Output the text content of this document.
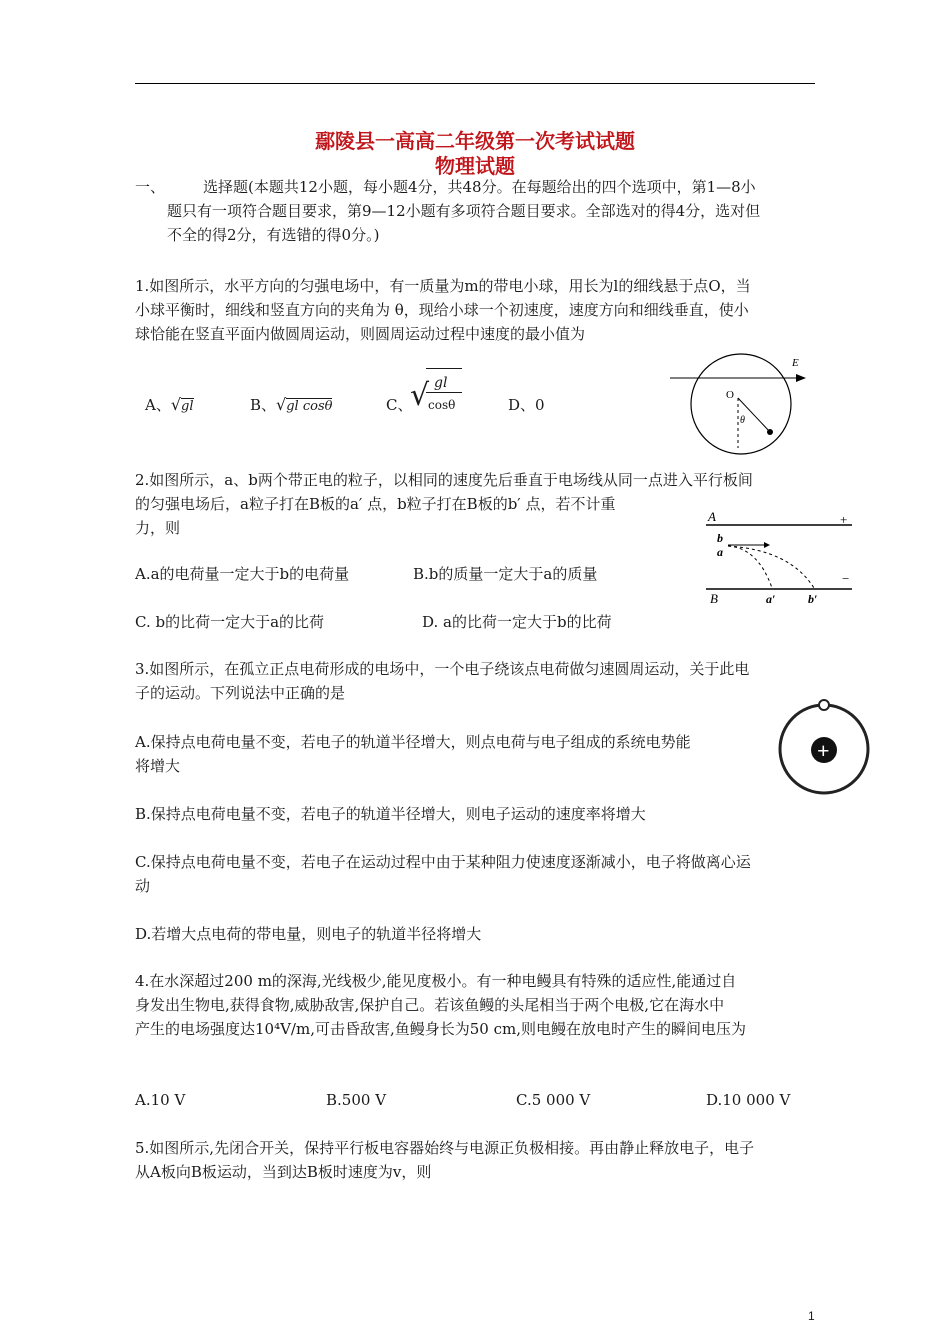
鄢陵县一高高二年级第一次考试试题
物理试题
一、	选择题(本题共12小题，每小题4分，共48分。在每题给出的四个选项中，第1—8小
题只有一项符合题目要求，第9—12小题有多项符合题目要求。全部选对的得4分，选对但
不全的得2分，有选错的得0分。)
1.如图所示，水平方向的匀强电场中，有一质量为m的带电小球，用长为l的细线悬于点O，当
小球平衡时，细线和竖直方向的夹角为 θ，现给小球一个初速度，速度方向和细线垂直，使小
球恰能在竖直平面内做圆周运动，则圆周运动过程中速度的最小值为
A、√gl	B、√gl cosθ	C、
√ gl
cosθ	D、0
E
O
θ
2.如图所示，a、b两个带正电的粒子，以相同的速度先后垂直于电场线从同一点进入平行板间
的匀强电场后，a粒子打在B板的a′ 点，b粒子打在B板的b′ 点，若不计重
力，则
A.a的电荷量一定大于b的电荷量	B.b的质量一定大于a的质量
C. b的比荷一定大于a的比荷	D. a的比荷一定大于b的比荷
A	+
b
a
−
B	a′	b′
3.如图所示，在孤立正点电荷形成的电场中，一个电子绕该点电荷做匀速圆周运动，关于此电
子的运动。下列说法中正确的是
A.保持点电荷电量不变，若电子的轨道半径增大，则点电荷与电子组成的系统电势能
将增大
B.保持点电荷电量不变，若电子的轨道半径增大，则电子运动的速度率将增大
C.保持点电荷电量不变，若电子在运动过程中由于某种阻力使速度逐渐减小，电子将做离心运
动
D.若增大点电荷的带电量，则电子的轨道半径将增大
+
4.在水深超过200 m的深海,光线极少,能见度极小。有一种电鳗具有特殊的适应性,能通过自
身发出生物电,获得食物,威胁敌害,保护自己。若该鱼鳗的头尾相当于两个电极,它在海水中
产生的电场强度达10⁴V/m,可击昏敌害,鱼鳗身长为50 cm,则电鳗在放电时产生的瞬间电压为
A.10 V	B.500 V	C.5 000 V	D.10 000 V
5.如图所示,先闭合开关，保持平行板电容器始终与电源正负极相接。再由静止释放电子，电子
从A板向B板运动，当到达B板时速度为v，则
1
